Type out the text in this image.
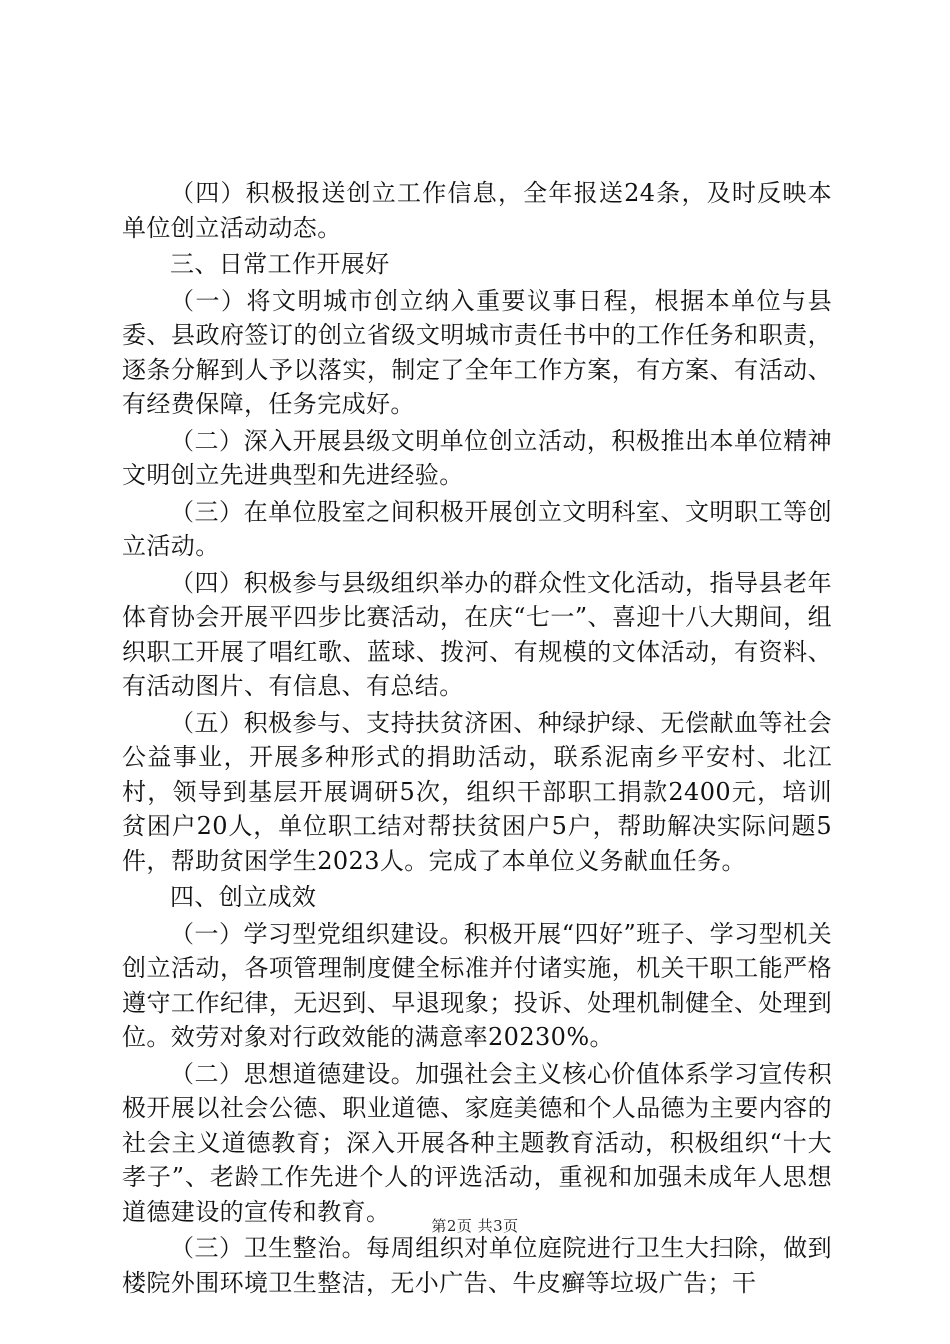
（四）积极报送创立工作信息，全年报送24条，及时反映本单位创立活动动态。

三、日常工作开展好

（一）将文明城市创立纳入重要议事日程，根据本单位与县委、县政府签订的创立省级文明城市责任书中的工作任务和职责，逐条分解到人予以落实，制定了全年工作方案，有方案、有活动、有经费保障，任务完成好。

（二）深入开展县级文明单位创立活动，积极推出本单位精神文明创立先进典型和先进经验。

（三）在单位股室之间积极开展创立文明科室、文明职工等创立活动。

（四）积极参与县级组织举办的群众性文化活动，指导县老年体育协会开展平四步比赛活动，在庆“七一”、喜迎十八大期间，组织职工开展了唱红歌、蓝球、拨河、有规模的文体活动，有资料、有活动图片、有信息、有总结。

（五）积极参与、支持扶贫济困、种绿护绿、无偿献血等社会公益事业，开展多种形式的捐助活动，联系泥南乡平安村、北江村，领导到基层开展调研5次，组织干部职工捐款2400元，培训贫困户20人，单位职工结对帮扶贫困户5户，帮助解决实际问题5件，帮助贫困学生2023人。完成了本单位义务献血任务。

四、创立成效

（一）学习型党组织建设。积极开展“四好”班子、学习型机关创立活动，各项管理制度健全标准并付诸实施，机关干职工能严格遵守工作纪律，无迟到、早退现象；投诉、处理机制健全、处理到位。效劳对象对行政效能的满意率20230%。

（二）思想道德建设。加强社会主义核心价值体系学习宣传积极开展以社会公德、职业道德、家庭美德和个人品德为主要内容的社会主义道德教育；深入开展各种主题教育活动，积极组织“十大孝子”、老龄工作先进个人的评选活动，重视和加强未成年人思想道德建设的宣传和教育。

（三）卫生整治。每周组织对单位庭院进行卫生大扫除，做到楼院外围环境卫生整洁，无小广告、牛皮癣等垃圾广告；干

第2页 共3页
